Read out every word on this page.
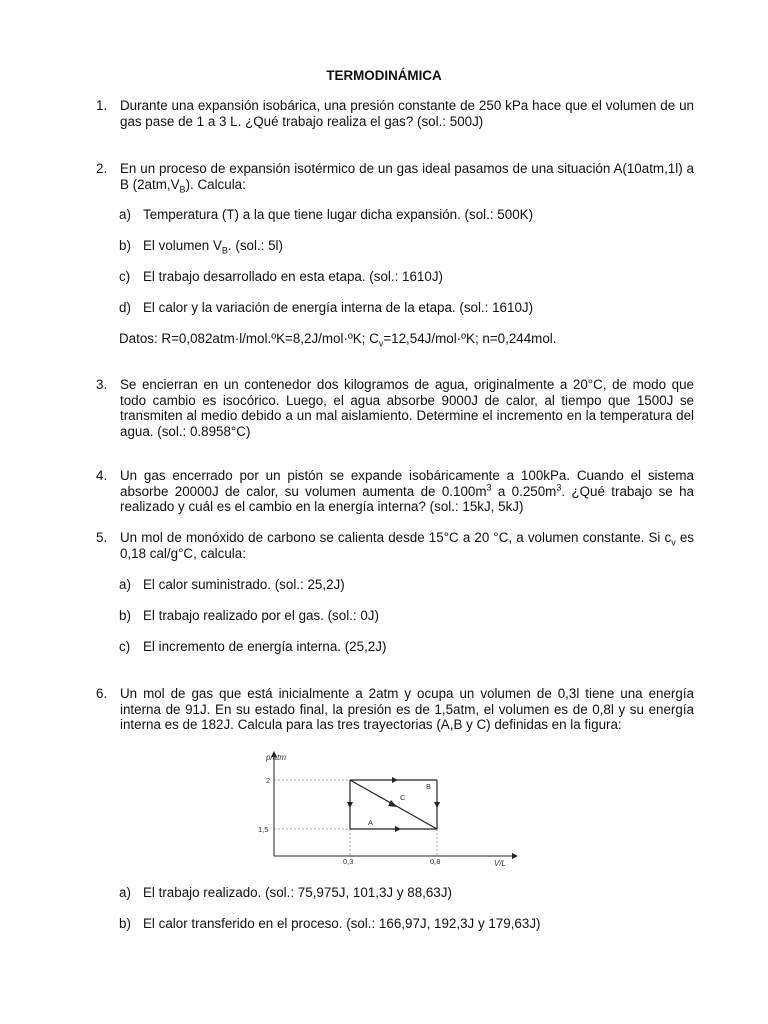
TERMODINÁMICA
1. Durante una expansión isobárica, una presión constante de 250 kPa hace que el volumen de un gas pase de 1 a 3 L. ¿Qué trabajo realiza el gas? (sol.: 500J)
2. En un proceso de expansión isotérmico de un gas ideal pasamos de una situación A(10atm,1l) a B $(2atm,V_B)$. Calcula:
a) Temperatura (T) a la que tiene lugar dicha expansión. (sol.: 500K)
b) El volumen $V_B$. (sol.: 5l)
c) El trabajo desarrollado en esta etapa. (sol.: 1610J)
d) El calor y la variación de energía interna de la etapa. (sol.: 1610J)
Datos: R=0,082atm·l/mol.ºK=8,2J/mol·ºK; $C_v=12,54J/mol\cdot ºK$; n=0,244mol.
3. Se encierran en un contenedor dos kilogramos de agua, originalmente a 20°C, de modo que todo cambio es isocórico. Luego, el agua absorbe 9000J de calor, al tiempo que 1500J se transmiten al medio debido a un mal aislamiento. Determine el incremento en la temperatura del agua. (sol.: 0.8958°C)
4. Un gas encerrado por un pistón se expande isobáricamente a 100kPa. Cuando el sistema absorbe 20000J de calor, su volumen aumenta de $0.100m^3$ a $0.250m^3$. ¿Qué trabajo se ha realizado y cuál es el cambio en la energía interna? (sol.: 15kJ, 5kJ)
5. Un mol de monóxido de carbono se calienta desde 15°C a 20 °C, a volumen constante. Si $c_v$ es 0,18 cal/g°C, calcula:
a) El calor suministrado. (sol.: 25,2J)
b) El trabajo realizado por el gas. (sol.: 0J)
c) El incremento de energía interna. (25,2J)
6. Un mol de gas que está inicialmente a 2atm y ocupa un volumen de 0,3l tiene una energía interna de 91J. En su estado final, la presión es de 1,5atm, el volumen es de 0,8l y su energía interna es de 182J. Calcula para las tres trayectorias (A,B y C) definidas en la figura:
p/atm
V/L
2
1,5
0,3	0,8
A
B
C
a) El trabajo realizado. (sol.: 75,975J, 101,3J y 88,63J)
b) El calor transferido en el proceso. (sol.: 166,97J, 192,3J y 179,63J)
